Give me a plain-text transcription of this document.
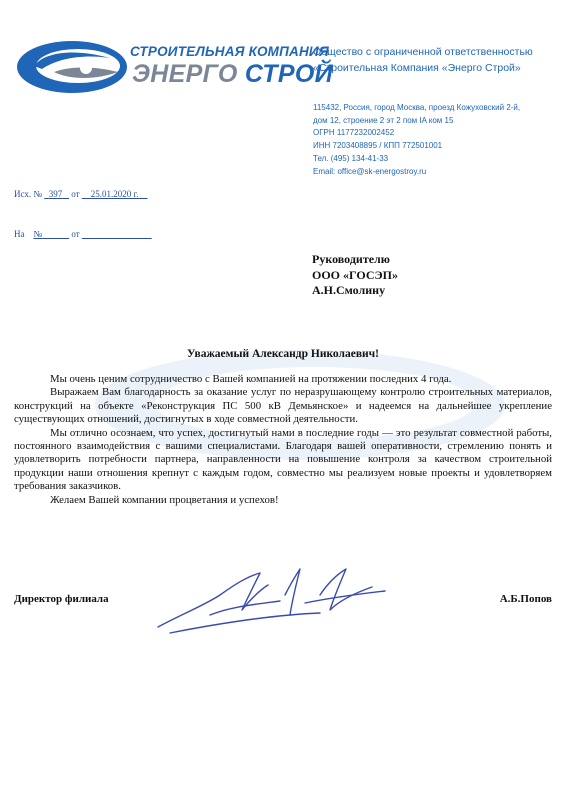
СТРОИТЕЛЬНАЯ КОМПАНИЯ
ЭНЕРГО СТРОЙ
Общество с ограниченной ответственностью
«Строительная Компания «Энерго Строй»
115432, Россия, город Москва, проезд Кожуховский 2-й,
дом 12, строение 2 эт 2 пом IA ком 15
ОГРН 1177232002452
ИНН 7203408895 / КПП 772501001
Тел. (495) 134-41-33
Email: office@sk-energostroy.ru
Исх. № 397 от 25.01.2020 г.
На №	от
Руководителю
ООО «ГОСЭП»
А.Н.Смолину
Уважаемый Александр Николаевич!

Мы очень ценим сотрудничество с Вашей компанией на протяжении последних 4 года.

Выражаем Вам благодарность за оказание услуг по неразрушающему контролю строительных материалов, конструкций на объекте «Реконструкция ПС 500 кВ Демьянское» и надеемся на дальнейшее укрепление существующих отношений, достигнутых в ходе совместной деятельности.

Мы отлично осознаем, что успех, достигнутый нами в последние годы — это результат совместной работы, постоянного взаимодействия с вашими специалистами. Благодаря вашей оперативности, стремлению понять и удовлетворить потребности партнера, направленности на повышение контроля за качеством строительной продукции наши отношения крепнут с каждым годом, совместно мы реализуем новые проекты и удовлетворяем требования заказчиков.

Желаем Вашей компании процветания и успехов!

Директор филиала	А.Б.Попов
